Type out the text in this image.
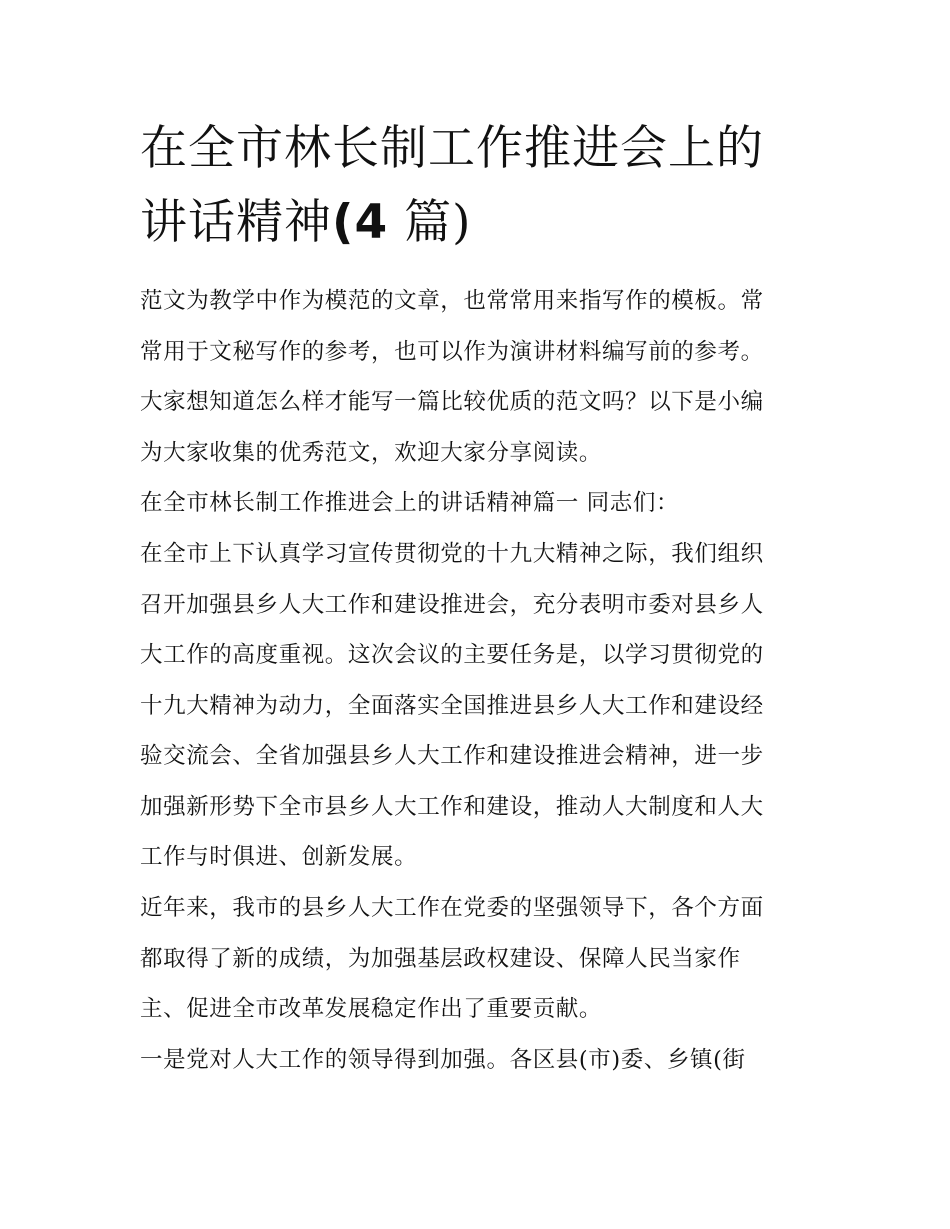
在全市林长制工作推进会上的
讲话精神(4 篇)
范文为教学中作为模范的文章，也常常用来指写作的模板。常
常用于文秘写作的参考，也可以作为演讲材料编写前的参考。
大家想知道怎么样才能写一篇比较优质的范文吗？以下是小编
为大家收集的优秀范文，欢迎大家分享阅读。
在全市林长制工作推进会上的讲话精神篇一 同志们：
在全市上下认真学习宣传贯彻党的十九大精神之际，我们组织
召开加强县乡人大工作和建设推进会，充分表明市委对县乡人
大工作的高度重视。这次会议的主要任务是，以学习贯彻党的
十九大精神为动力，全面落实全国推进县乡人大工作和建设经
验交流会、全省加强县乡人大工作和建设推进会精神，进一步
加强新形势下全市县乡人大工作和建设，推动人大制度和人大
工作与时俱进、创新发展。
近年来，我市的县乡人大工作在党委的坚强领导下，各个方面
都取得了新的成绩，为加强基层政权建设、保障人民当家作
主、促进全市改革发展稳定作出了重要贡献。
一是党对人大工作的领导得到加强。各区县(市)委、乡镇(街
